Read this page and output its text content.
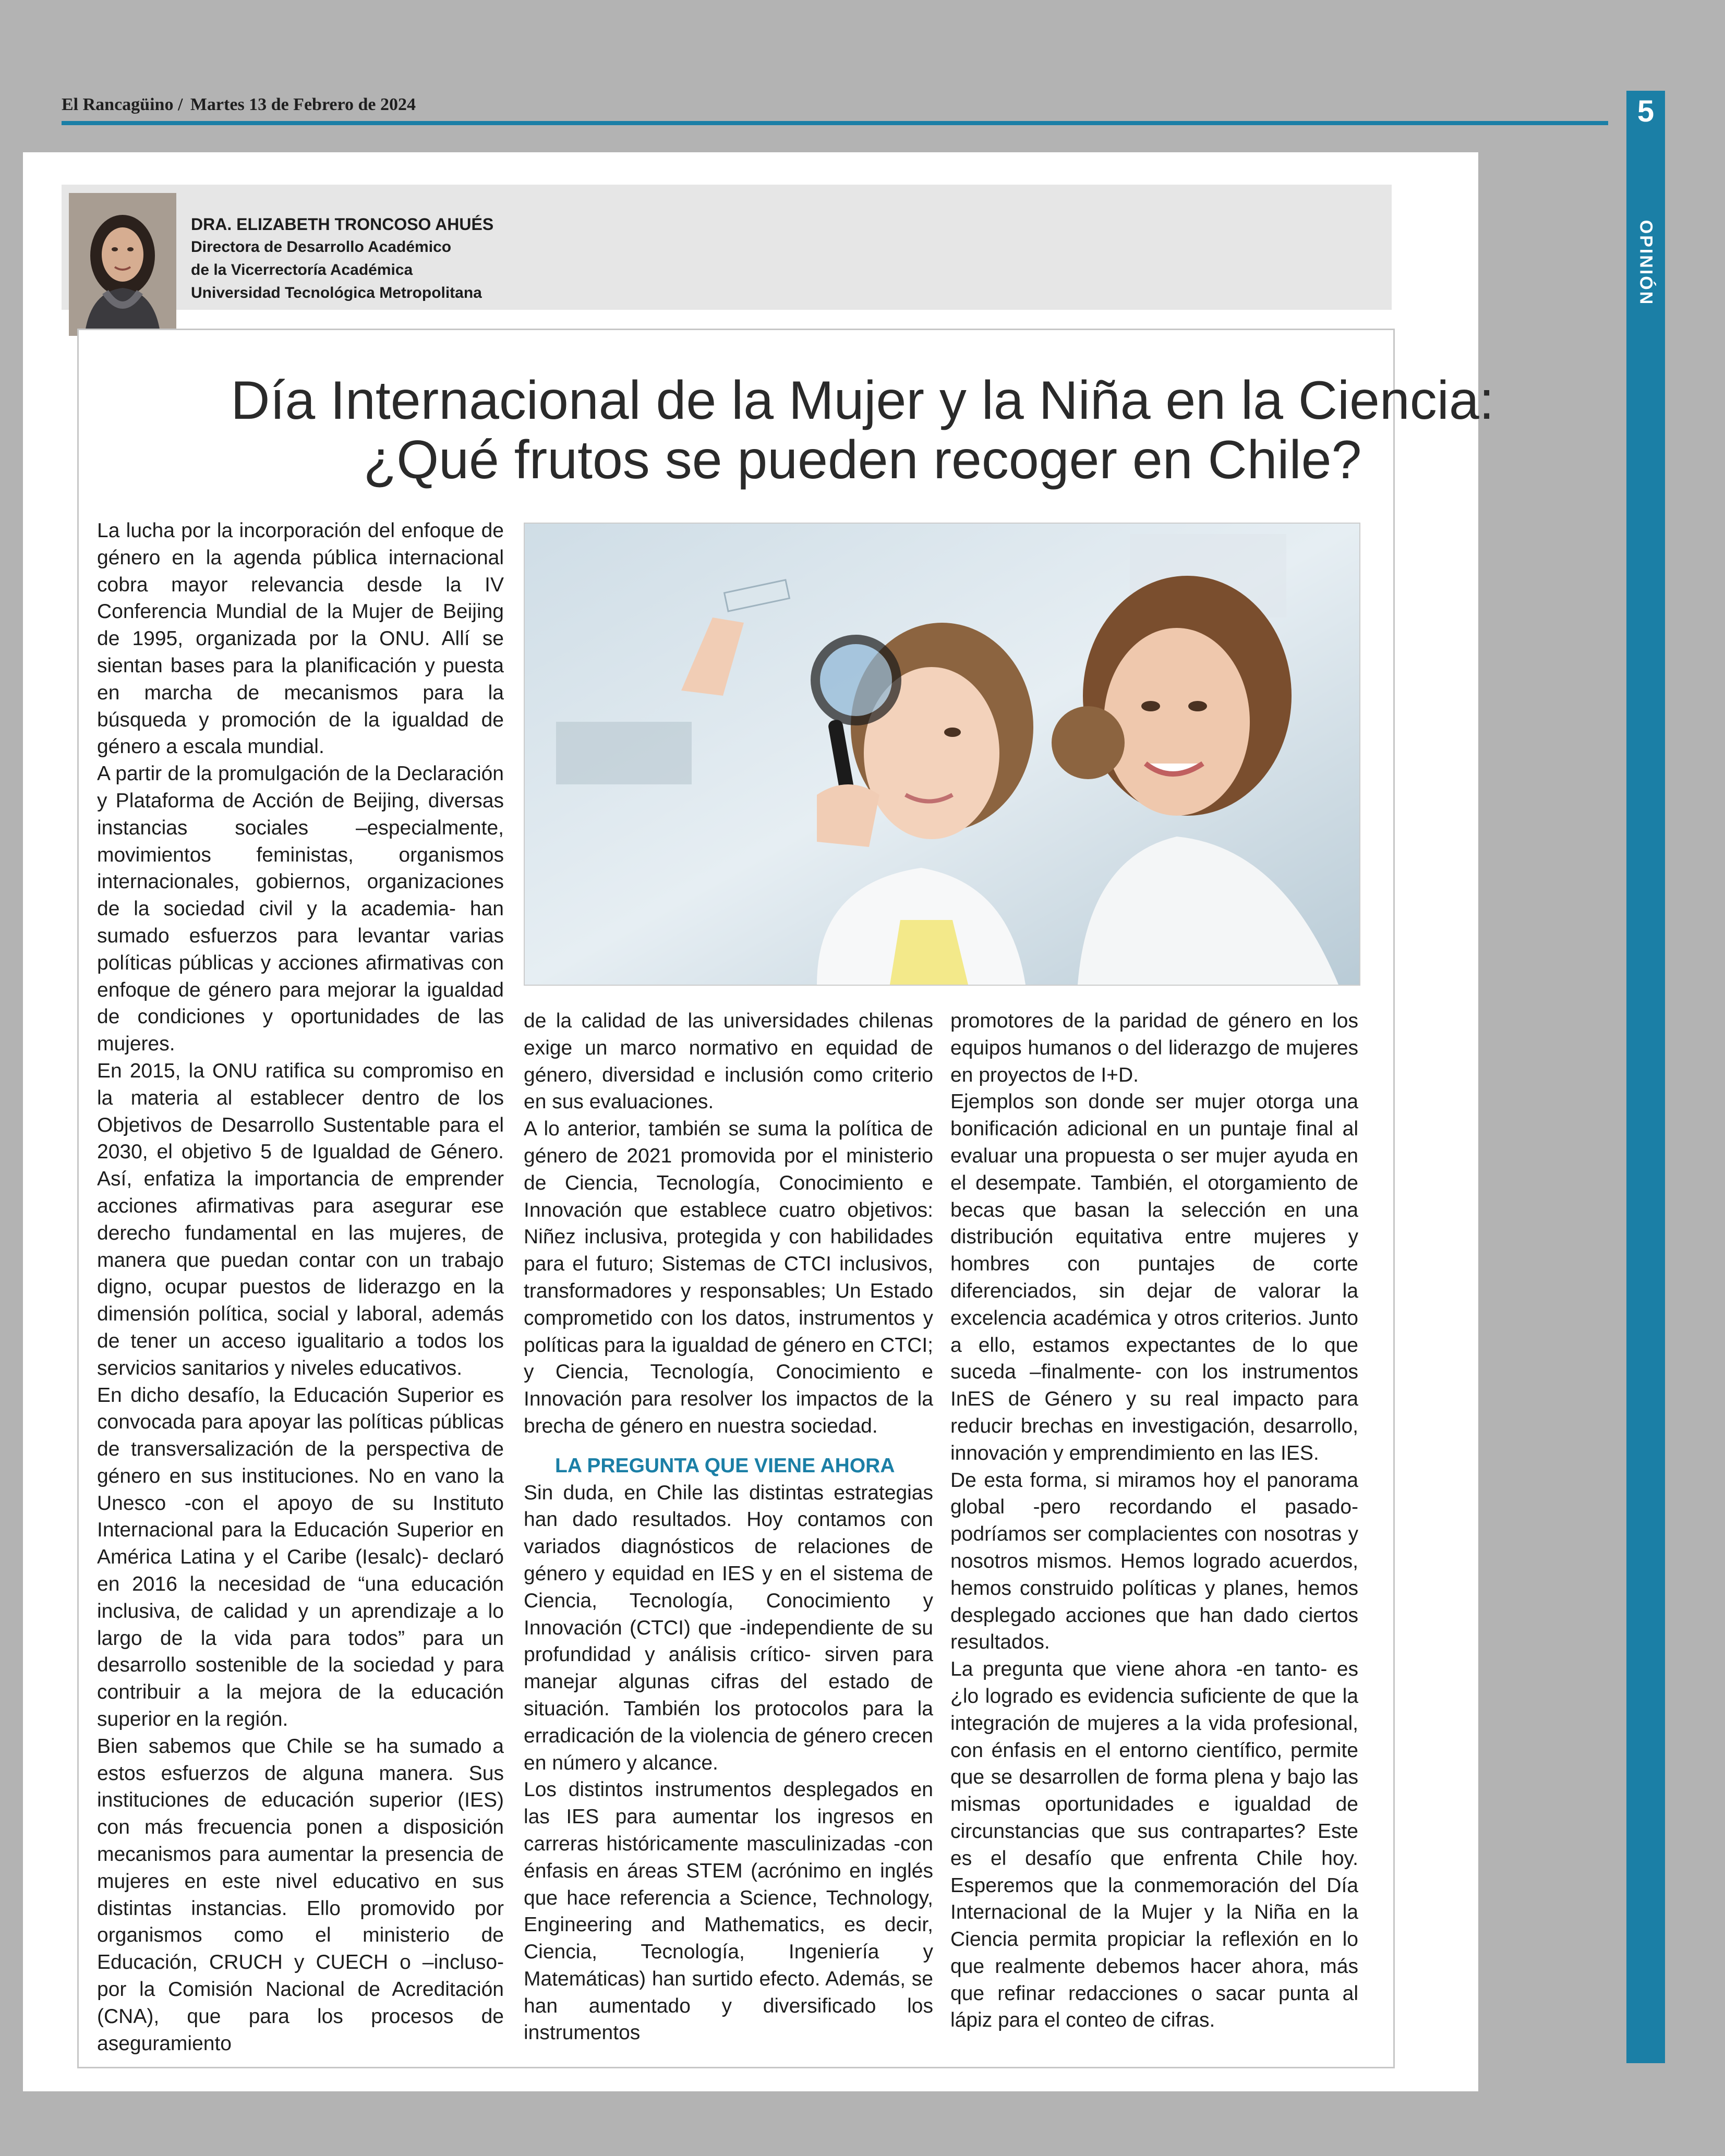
El Rancagüino / Martes 13 de Febrero de 2024	5
OPINIÓN
DRA. ELIZABETH TRONCOSO AHUÉS
Directora de Desarrollo Académico
de la Vicerrectoría Académica
Universidad Tecnológica Metropolitana
Día Internacional de la Mujer y la Niña en la Ciencia:
¿Qué frutos se pueden recoger en Chile?

La lucha por la incorporación del enfoque de género en la agenda pública internacional cobra mayor relevancia desde la IV Conferencia Mundial de la Mujer de Beijing de 1995, organizada por la ONU. Allí se sientan bases para la planificación y puesta en marcha de mecanismos para la búsqueda y promoción de la igualdad de género a escala mundial.

A partir de la promulgación de la Declaración y Plataforma de Acción de Beijing, diversas instancias sociales –especialmente, movimientos feministas, organismos internacionales, gobiernos, organizaciones de la sociedad civil y la academia- han sumado esfuerzos para levantar varias políticas públicas y acciones afirmativas con enfoque de género para mejorar la igualdad de condiciones y oportunidades de las mujeres.

En 2015, la ONU ratifica su compromiso en la materia al establecer dentro de los Objetivos de Desarrollo Sustentable para el 2030, el objetivo 5 de Igualdad de Género. Así, enfatiza la importancia de emprender acciones afirmativas para asegurar ese derecho fundamental en las mujeres, de manera que puedan contar con un trabajo digno, ocupar puestos de liderazgo en la dimensión política, social y laboral, además de tener un acceso igualitario a todos los servicios sanitarios y niveles educativos.

En dicho desafío, la Educación Superior es convocada para apoyar las políticas públicas de transversalización de la perspectiva de género en sus instituciones. No en vano la Unesco -con el apoyo de su Instituto Internacional para la Educación Superior en América Latina y el Caribe (Iesalc)- declaró en 2016 la necesidad de “una educación inclusiva, de calidad y un aprendizaje a lo largo de la vida para todos” para un desarrollo sostenible de la sociedad y para contribuir a la mejora de la educación superior en la región.

Bien sabemos que Chile se ha sumado a estos esfuerzos de alguna manera. Sus instituciones de educación superior (IES) con más frecuencia ponen a disposición mecanismos para aumentar la presencia de mujeres en este nivel educativo en sus distintas instancias. Ello promovido por organismos como el ministerio de Educación, CRUCH y CUECH o –incluso- por la Comisión Nacional de Acreditación (CNA), que para los procesos de aseguramiento

de la calidad de las universidades chilenas exige un marco normativo en equidad de género, diversidad e inclusión como criterio en sus evaluaciones.

A lo anterior, también se suma la política de género de 2021 promovida por el ministerio de Ciencia, Tecnología, Conocimiento e Innovación que establece cuatro objetivos: Niñez inclusiva, protegida y con habilidades para el futuro; Sistemas de CTCI inclusivos, transformadores y responsables; Un Estado comprometido con los datos, instrumentos y políticas para la igualdad de género en CTCI; y Ciencia, Tecnología, Conocimiento e Innovación para resolver los impactos de la brecha de género en nuestra sociedad.

LA PREGUNTA QUE VIENE AHORA

Sin duda, en Chile las distintas estrategias han dado resultados. Hoy contamos con variados diagnósticos de relaciones de género y equidad en IES y en el sistema de Ciencia, Tecnología, Conocimiento y Innovación (CTCI) que -independiente de su profundidad y análisis crítico- sirven para manejar algunas cifras del estado de situación. También los protocolos para la erradicación de la violencia de género crecen en número y alcance.

Los distintos instrumentos desplegados en las IES para aumentar los ingresos en carreras históricamente masculinizadas -con énfasis en áreas STEM (acrónimo en inglés que hace referencia a Science, Technology, Engineering and Mathematics, es decir, Ciencia, Tecnología, Ingeniería y Matemáticas) han surtido efecto. Además, se han aumentado y diversificado los instrumentos

promotores de la paridad de género en los equipos humanos o del liderazgo de mujeres en proyectos de I+D.

Ejemplos son donde ser mujer otorga una bonificación adicional en un puntaje final al evaluar una propuesta o ser mujer ayuda en el desempate. También, el otorgamiento de becas que basan la selección en una distribución equitativa entre mujeres y hombres con puntajes de corte diferenciados, sin dejar de valorar la excelencia académica y otros criterios. Junto a ello, estamos expectantes de lo que suceda –finalmente- con los instrumentos InES de Género y su real impacto para reducir brechas en investigación, desarrollo, innovación y emprendimiento en las IES.

De esta forma, si miramos hoy el panorama global -pero recordando el pasado- podríamos ser complacientes con nosotras y nosotros mismos. Hemos logrado acuerdos, hemos construido políticas y planes, hemos desplegado acciones que han dado ciertos resultados.

La pregunta que viene ahora -en tanto- es ¿lo logrado es evidencia suficiente de que la integración de mujeres a la vida profesional, con énfasis en el entorno científico, permite que se desarrollen de forma plena y bajo las mismas oportunidades e igualdad de circunstancias que sus contrapartes? Este es el desafío que enfrenta Chile hoy. Esperemos que la conmemoración del Día Internacional de la Mujer y la Niña en la Ciencia permita propiciar la reflexión en lo que realmente debemos hacer ahora, más que refinar redacciones o sacar punta al lápiz para el conteo de cifras.
